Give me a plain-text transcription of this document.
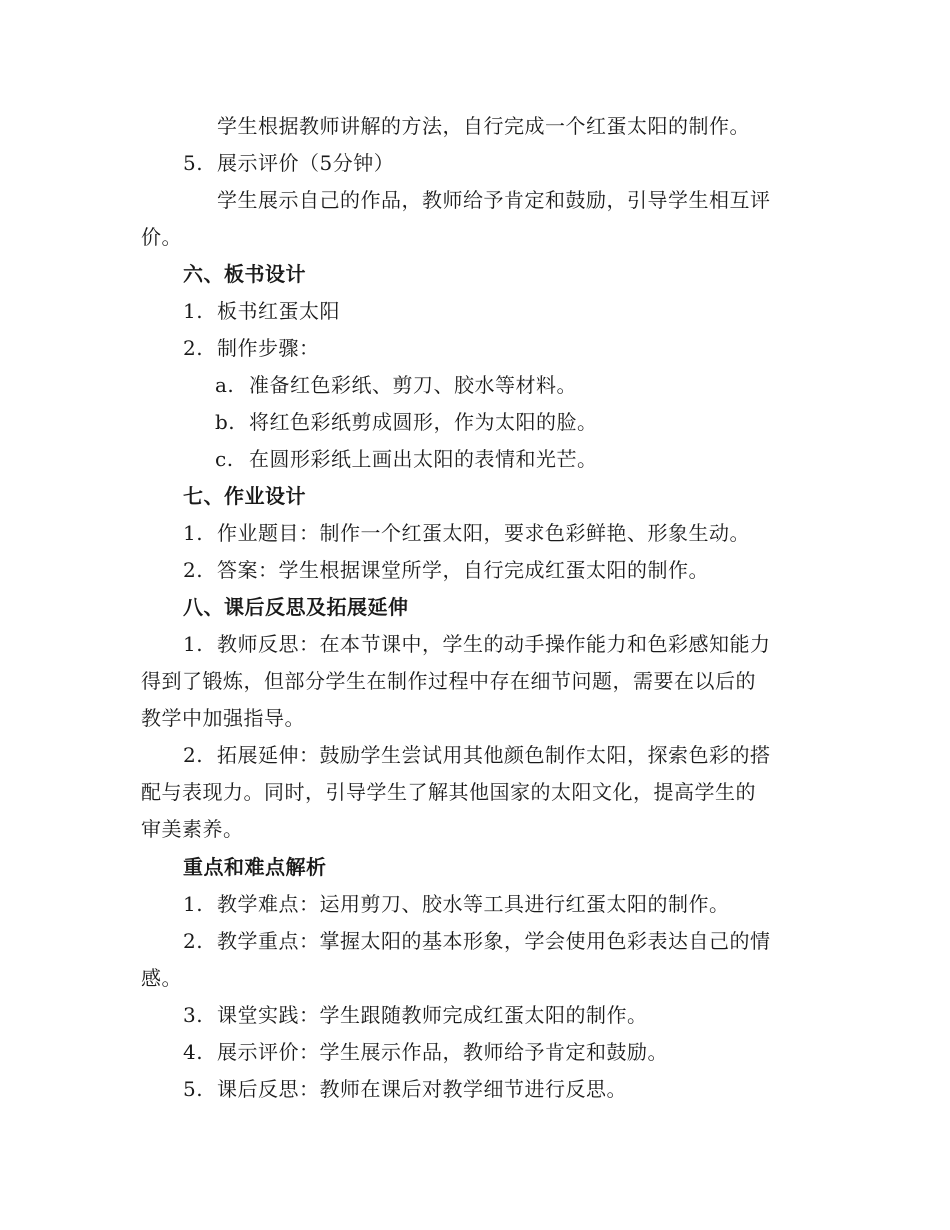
学生根据教师讲解的方法，自行完成一个红蛋太阳的制作。
5. 展示评价（5分钟）
学生展示自己的作品，教师给予肯定和鼓励，引导学生相互评
价。
六、板书设计
1. 板书红蛋太阳
2. 制作步骤：
a. 准备红色彩纸、剪刀、胶水等材料。
b. 将红色彩纸剪成圆形，作为太阳的脸。
c. 在圆形彩纸上画出太阳的表情和光芒。
七、作业设计
1. 作业题目：制作一个红蛋太阳，要求色彩鲜艳、形象生动。
2. 答案：学生根据课堂所学，自行完成红蛋太阳的制作。
八、课后反思及拓展延伸
1. 教师反思：在本节课中，学生的动手操作能力和色彩感知能力
得到了锻炼，但部分学生在制作过程中存在细节问题，需要在以后的
教学中加强指导。
2. 拓展延伸：鼓励学生尝试用其他颜色制作太阳，探索色彩的搭
配与表现力。同时，引导学生了解其他国家的太阳文化，提高学生的
审美素养。
重点和难点解析
1. 教学难点：运用剪刀、胶水等工具进行红蛋太阳的制作。
2. 教学重点：掌握太阳的基本形象，学会使用色彩表达自己的情
感。
3. 课堂实践：学生跟随教师完成红蛋太阳的制作。
4. 展示评价：学生展示作品，教师给予肯定和鼓励。
5. 课后反思：教师在课后对教学细节进行反思。
